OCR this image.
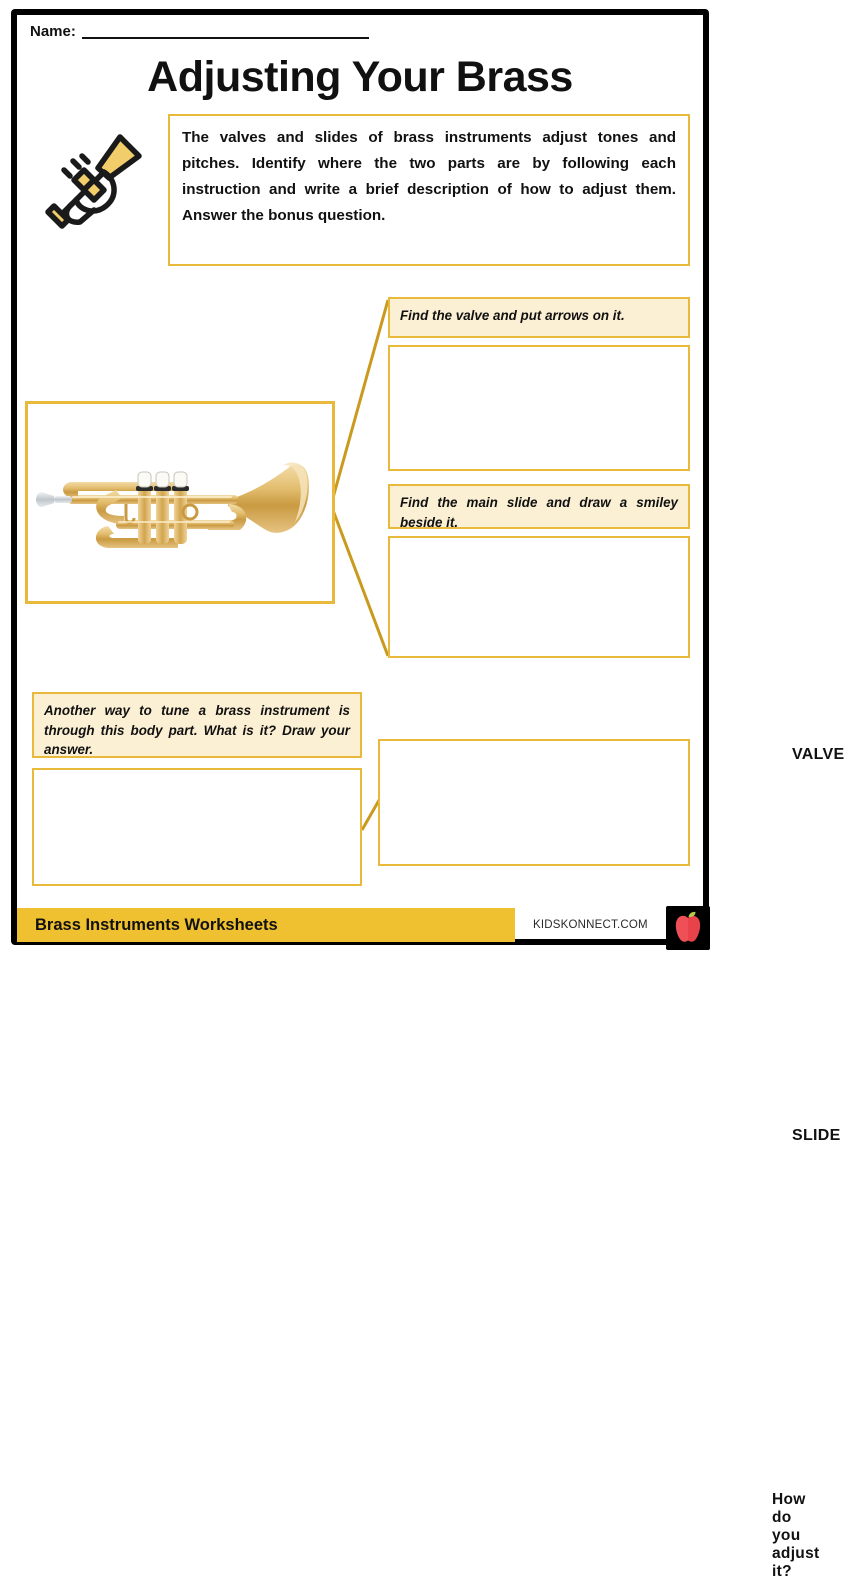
Name:
Adjusting Your Brass
The valves and slides of brass instruments adjust tones and pitches. Identify where the two parts are by following each instruction and write a brief description of how to adjust them. Answer the bonus question.
Find the valve and put arrows on it.
VALVE
Find the main slide and draw a smiley beside it.
SLIDE
Another way to tune a brass instrument is through this body part. What is it? Draw your answer.
How do you adjust it?
Brass Instruments Worksheets	KIDSKONNECT.COM
